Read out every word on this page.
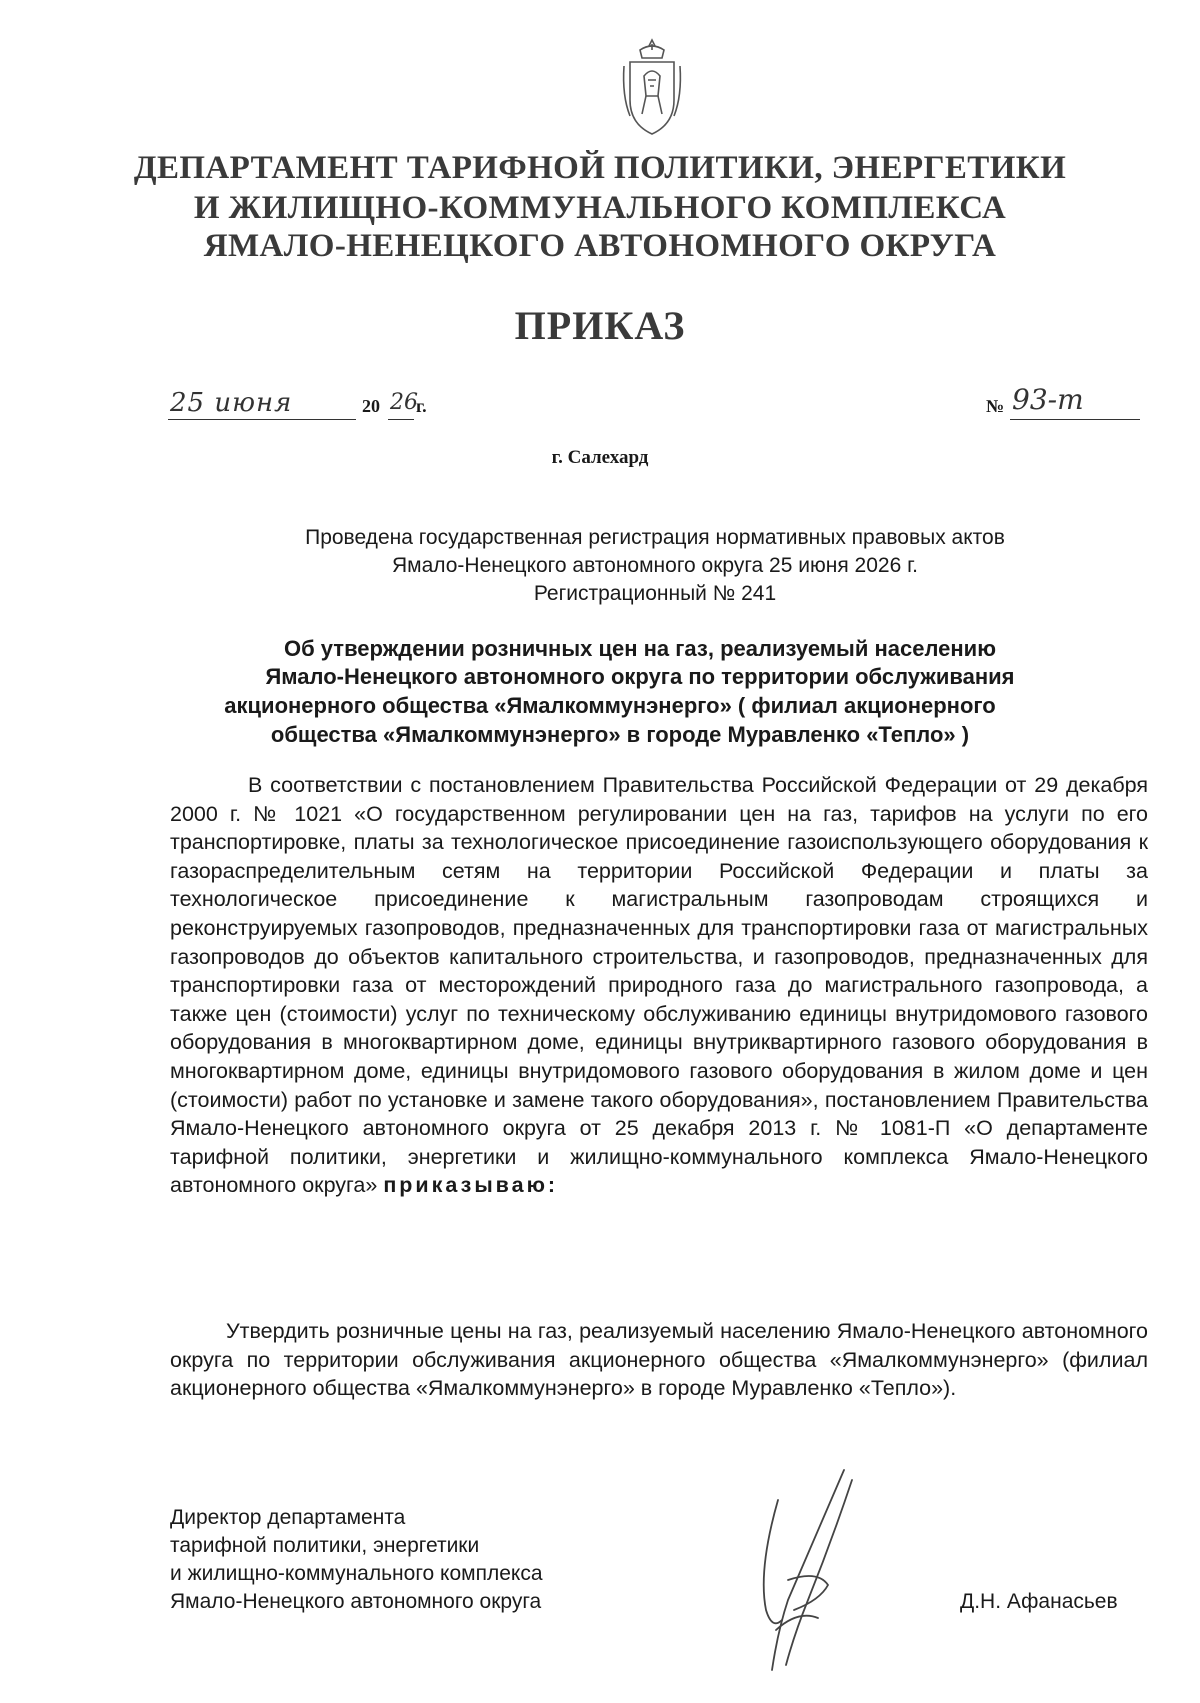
ДЕПАРТАМЕНТ ТАРИФНОЙ ПОЛИТИКИ, ЭНЕРГЕТИКИ
И ЖИЛИЩНО-КОММУНАЛЬНОГО КОМПЛЕКСА
ЯМАЛО-НЕНЕЦКОГО АВТОНОМНОГО ОКРУГА
ПРИКАЗ
25 июня	20 26
г.	№ 93-т
г. Салехард
Проведена государственная регистрация нормативных правовых актов
Ямало-Ненецкого автономного округа 25 июня 2026 г.
Регистрационный № 241
Об утверждении розничных цен на газ, реализуемый населению
Ямало-Ненецкого автономного округа по территории обслуживания
акционерного общества «Ямалкоммунэнерго» ( филиал акционерного
общества «Ямалкоммунэнерго» в городе Муравленко «Тепло» )
В соответствии с постановлением Правительства Российской Федерации от 29 декабря 2000 г. № 1021 «О государственном регулировании цен на газ, тарифов на услуги по его транспортировке, платы за технологическое присоединение газоиспользующего оборудования к газораспределительным сетям на территории Российской Федерации и платы за технологическое присоединение к магистральным газопроводам строящихся и реконструируемых газопроводов, предназначенных для транспортировки газа от магистральных газопроводов до объектов капитального строительства, и газопроводов, предназначенных для транспортировки газа от месторождений природного газа до магистрального газопровода, а также цен (стоимости) услуг по техническому обслуживанию единицы внутридомового газового оборудования в многоквартирном доме, единицы внутриквартирного газового оборудования в многоквартирном доме, единицы внутридомового газового оборудования в жилом доме и цен (стоимости) работ по установке и замене такого оборудования», постановлением Правительства Ямало-Ненецкого автономного округа от 25 декабря 2013 г. № 1081-П «О департаменте тарифной политики, энергетики и жилищно-коммунального комплекса Ямало-Ненецкого автономного округа» приказываю:
Утвердить розничные цены на газ, реализуемый населению Ямало-Ненецкого автономного округа по территории обслуживания акционерного общества «Ямалкоммунэнерго» (филиал акционерного общества «Ямалкоммунэнерго» в городе Муравленко «Тепло»).
Директор департамента
тарифной политики, энергетики
и жилищно-коммунального комплекса
Ямало-Ненецкого автономного округа	Д.Н. Афанасьев
